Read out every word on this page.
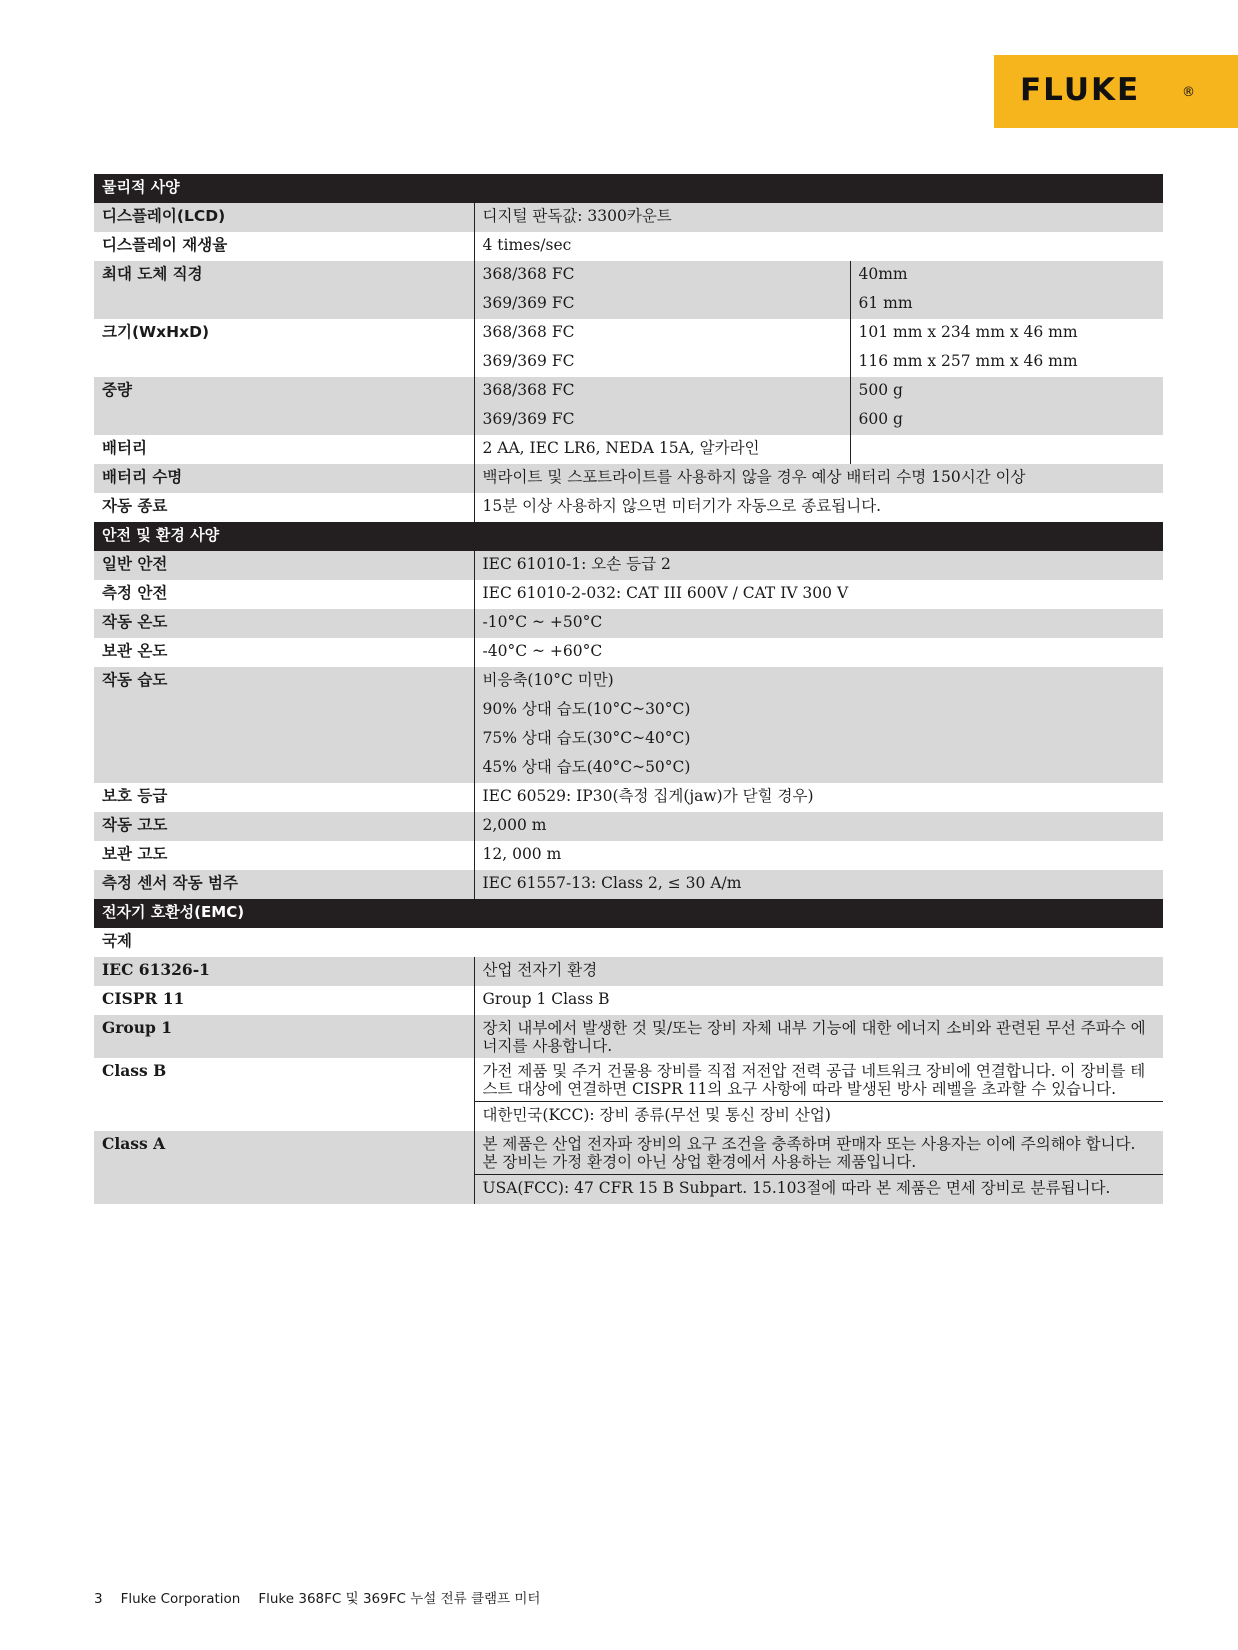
FLUKE	®
물리적 사양		
디스플레이(LCD)	디지털 판독값: 3300카운트	
디스플레이 재생율	4 times/sec	
최대 도체 직경	368/368 FC	40mm
	369/369 FC	61 mm
크기(WxHxD)	368/368 FC	101 mm x 234 mm x 46 mm
	369/369 FC	116 mm x 257 mm x 46 mm
중량	368/368 FC	500 g
	369/369 FC	600 g
배터리	2 AA, IEC LR6, NEDA 15A, 알카라인	
배터리 수명	백라이트 및 스포트라이트를 사용하지 않을 경우 예상 배터리 수명 150시간 이상	
자동 종료	15분 이상 사용하지 않으면 미터기가 자동으로 종료됩니다.	
안전 및 환경 사양		
일반 안전	IEC 61010-1: 오손 등급 2	
측정 안전	IEC 61010-2-032: CAT III 600V / CAT IV 300 V	
작동 온도	-10°C ~ +50°C	
보관 온도	-40°C ~ +60°C	
작동 습도	비응축(10°C 미만)	
	90% 상대 습도(10°C~30°C)	
	75% 상대 습도(30°C~40°C)	
	45% 상대 습도(40°C~50°C)	
보호 등급	IEC 60529: IP30(측정 집게(jaw)가 닫힐 경우)	
작동 고도	2,000 m	
보관 고도	12, 000 m	
측정 센서 작동 범주	IEC 61557-13: Class 2, ≤ 30 A/m	
전자기 호환성(EMC)		
국제		
IEC 61326-1	산업 전자기 환경	
CISPR 11	Group 1 Class B	
Group 1	장치 내부에서 발생한 것 및/또는 장비 자체 내부 기능에 대한 에너지 소비와 관련된 무선 주파수 에너지를 사용합니다.	
Class B	가전 제품 및 주거 건물용 장비를 직접 저전압 전력 공급 네트워크 장비에 연결합니다. 이 장비를 테스트 대상에 연결하면 CISPR 11의 요구 사항에 따라 발생된 방사 레벨을 초과할 수 있습니다.	
	대한민국(KCC): 장비 종류(무선 및 통신 장비 산업)	
Class A	본 제품은 산업 전자파 장비의 요구 조건을 충족하며 판매자 또는 사용자는 이에 주의해야 합니다. 본 장비는 가정 환경이 아닌 상업 환경에서 사용하는 제품입니다.	
	USA(FCC): 47 CFR 15 B Subpart. 15.103절에 따라 본 제품은 면세 장비로 분류됩니다.	
3 Fluke Corporation Fluke 368FC 및 369FC 누설 전류 클램프 미터
